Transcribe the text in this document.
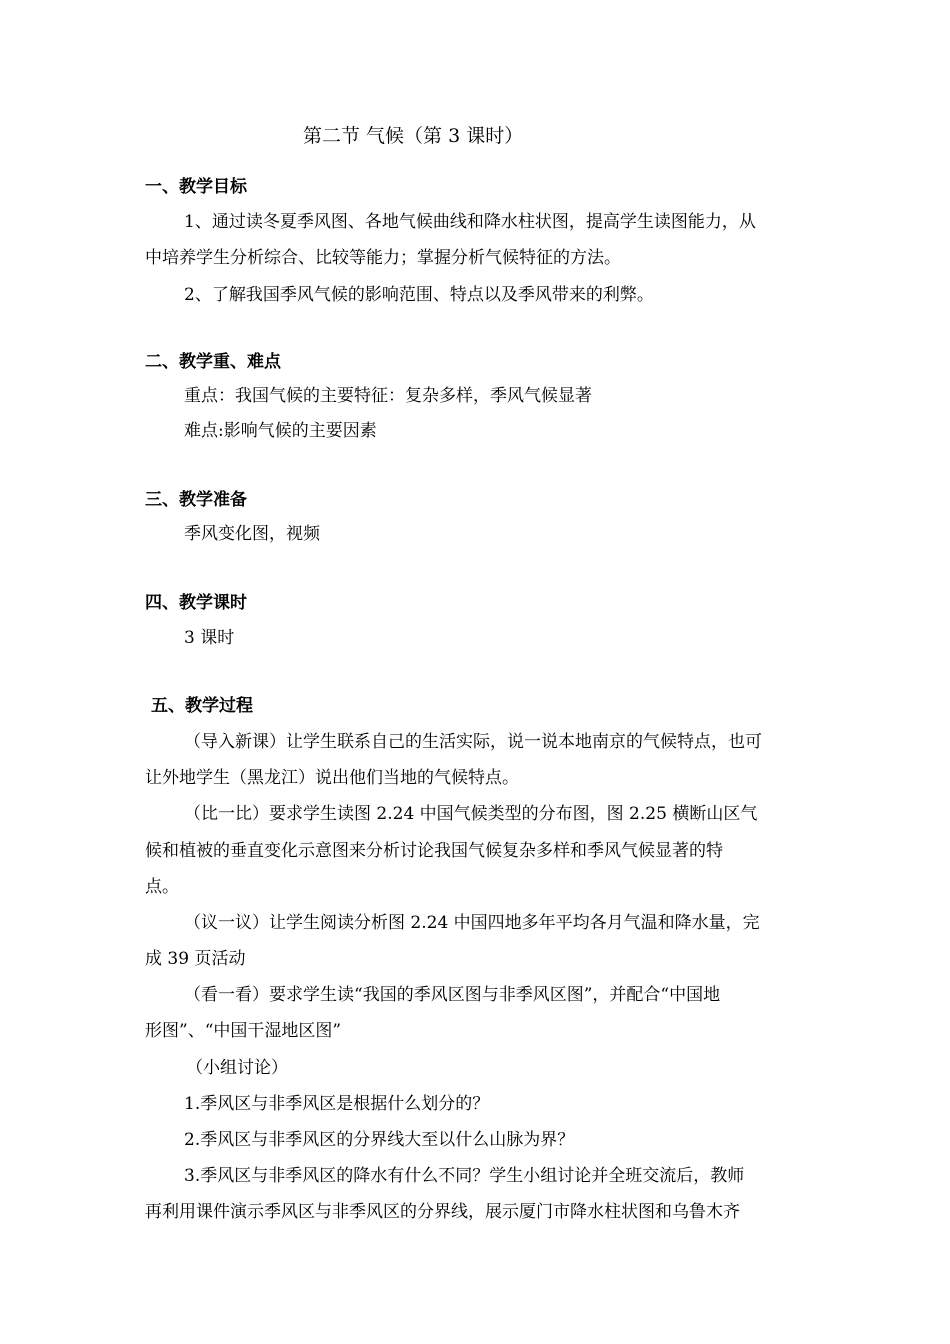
第二节 气候（第 3 课时）
一、教学目标
1、通过读冬夏季风图、各地气候曲线和降水柱状图，提高学生读图能力，从
中培养学生分析综合、比较等能力；掌握分析气候特征的方法。
2、了解我国季风气候的影响范围、特点以及季风带来的利弊。
二、教学重、难点
重点：我国气候的主要特征：复杂多样，季风气候显著
难点:影响气候的主要因素
三、教学准备
季风变化图，视频
四、教学课时
3 课时
五、教学过程
（导入新课）让学生联系自己的生活实际，说一说本地南京的气候特点，也可
让外地学生（黑龙江）说出他们当地的气候特点。
（比一比）要求学生读图 2.24 中国气候类型的分布图，图 2.25 横断山区气
候和植被的垂直变化示意图来分析讨论我国气候复杂多样和季风气候显著的特
点。
（议一议）让学生阅读分析图 2.24 中国四地多年平均各月气温和降水量，完
成 39 页活动
（看一看）要求学生读“我国的季风区图与非季风区图”，并配合“中国地
形图”、“中国干湿地区图”
（小组讨论）
1.季风区与非季风区是根据什么划分的？
2.季风区与非季风区的分界线大至以什么山脉为界？
3.季风区与非季风区的降水有什么不同？学生小组讨论并全班交流后，教师
再利用课件演示季风区与非季风区的分界线，展示厦门市降水柱状图和乌鲁木齐
